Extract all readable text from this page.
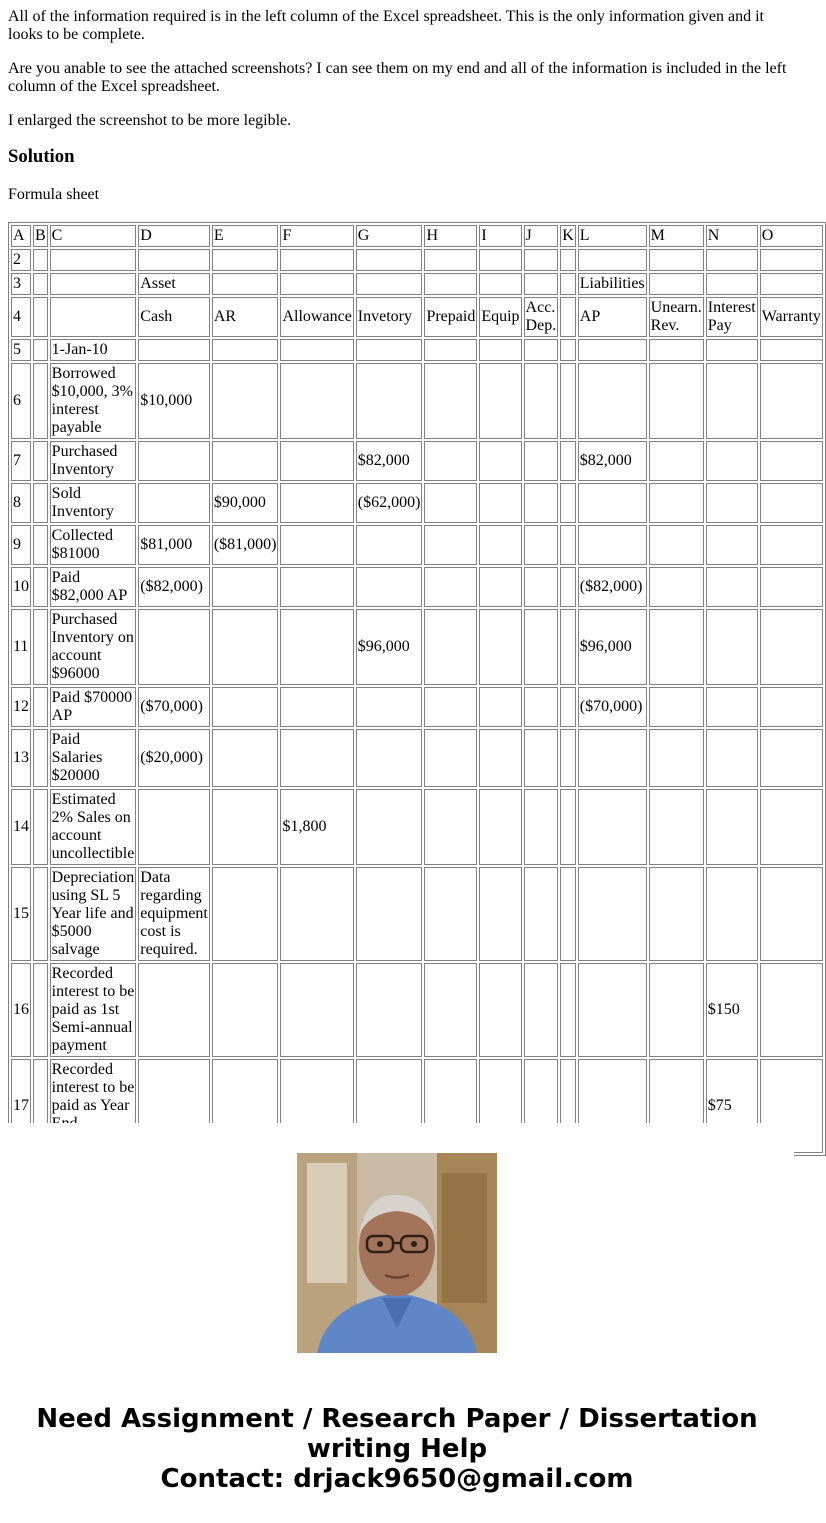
All of the information required is in the left column of the Excel spreadsheet. This is the only information given and it looks to be complete.

Are you anable to see the attached screenshots? I can see them on my end and all of the information is included in the left column of the Excel spreadsheet.

I enlarged the screenshot to be more legible.

Solution

Formula sheet

A	B	C	D	E	F	G	H	I	J	K	L	M	N	O
2														
3			Asset								Liabilities			
4			Cash	AR	Allowance	Invetory	Prepaid	Equip	Acc. Dep.		AP	Unearn. Rev.	Interest Pay	Warranty
5		1-Jan-10												
6		Borrowed $10,000, 3% interest payable	$10,000											
7		Purchased Inventory				$82,000					$82,000			
8		Sold Inventory		$90,000		($62,000)								
9		Collected $81000	$81,000	($81,000)										
10		Paid $82,000 AP	($82,000)								($82,000)			
11		Purchased Inventory on account $96000				$96,000					$96,000			
12		Paid $70000 AP	($70,000)								($70,000)			
13		Paid Salaries $20000	($20,000)											
14		Estimated 2% Sales on account uncollectible			$1,800									
15		Depreciation using SL 5 Year life and $5000 salvage	Data regarding equipment cost is required.											
16		Recorded interest to be paid as 1st Semi-annual payment											$150	
17		Recorded interest to be paid as Year											$75	
Need Assignment / Research Paper / Dissertation
writing Help
Contact: drjack9650@gmail.com
